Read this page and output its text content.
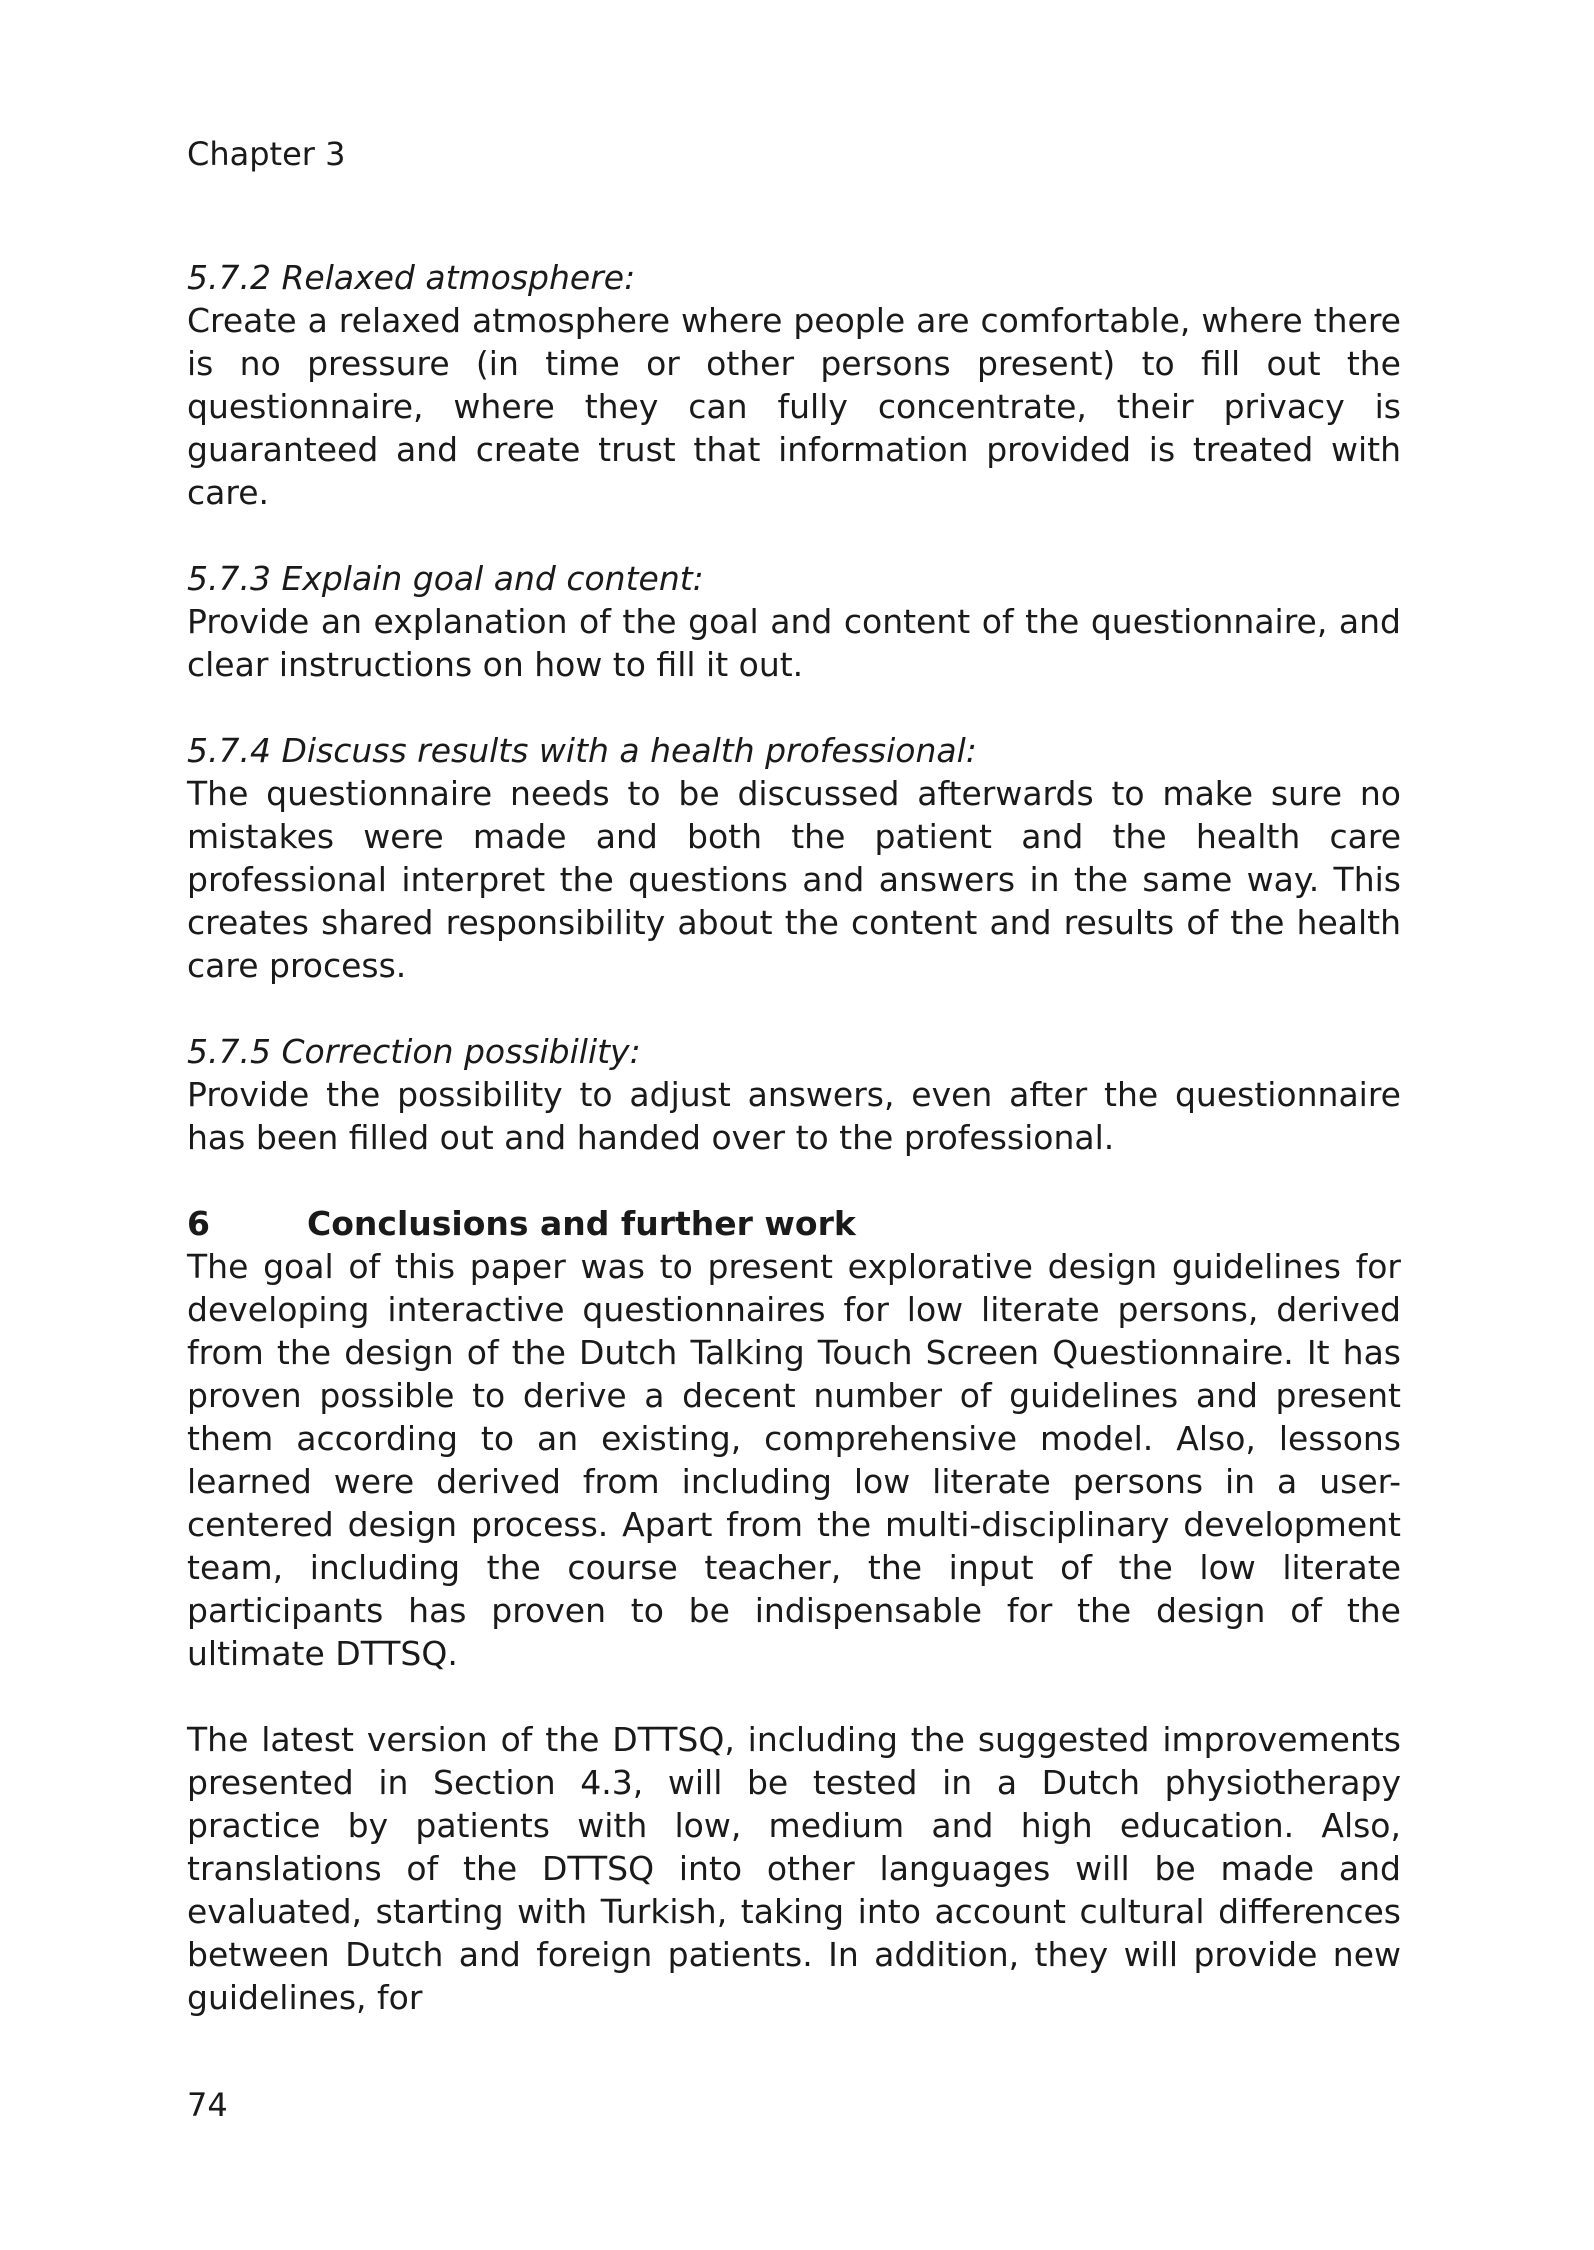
Chapter 3

5.7.2 Relaxed atmosphere:

Create a relaxed atmosphere where people are comfortable, where there is no pressure (in time or other persons present) to fill out the questionnaire, where they can fully concentrate, their privacy is guaranteed and create trust that information provided is treated with care.

5.7.3 Explain goal and content:

Provide an explanation of the goal and content of the questionnaire, and clear instructions on how to fill it out.

5.7.4 Discuss results with a health professional:

The questionnaire needs to be discussed afterwards to make sure no mistakes were made and both the patient and the health care professional interpret the questions and answers in the same way. This creates shared responsibility about the content and results of the health care process.

5.7.5 Correction possibility:

Provide the possibility to adjust answers, even after the questionnaire has been filled out and handed over to the professional.

6	Conclusions and further work

The goal of this paper was to present explorative design guidelines for developing interactive questionnaires for low literate persons, derived from the design of the Dutch Talking Touch Screen Questionnaire. It has proven possible to derive a decent number of guidelines and present them according to an existing, comprehensive model. Also, lessons learned were derived from including low literate persons in a user-centered design process. Apart from the multi-disciplinary development team, including the course teacher, the input of the low literate participants has proven to be indispensable for the design of the ultimate DTTSQ.

The latest version of the DTTSQ, including the suggested improvements presented in Section 4.3, will be tested in a Dutch physiotherapy practice by patients with low, medium and high education. Also, translations of the DTTSQ into other languages will be made and evaluated, starting with Turkish, taking into account cultural differences between Dutch and foreign patients. In addition, they will provide new guidelines, for

74
